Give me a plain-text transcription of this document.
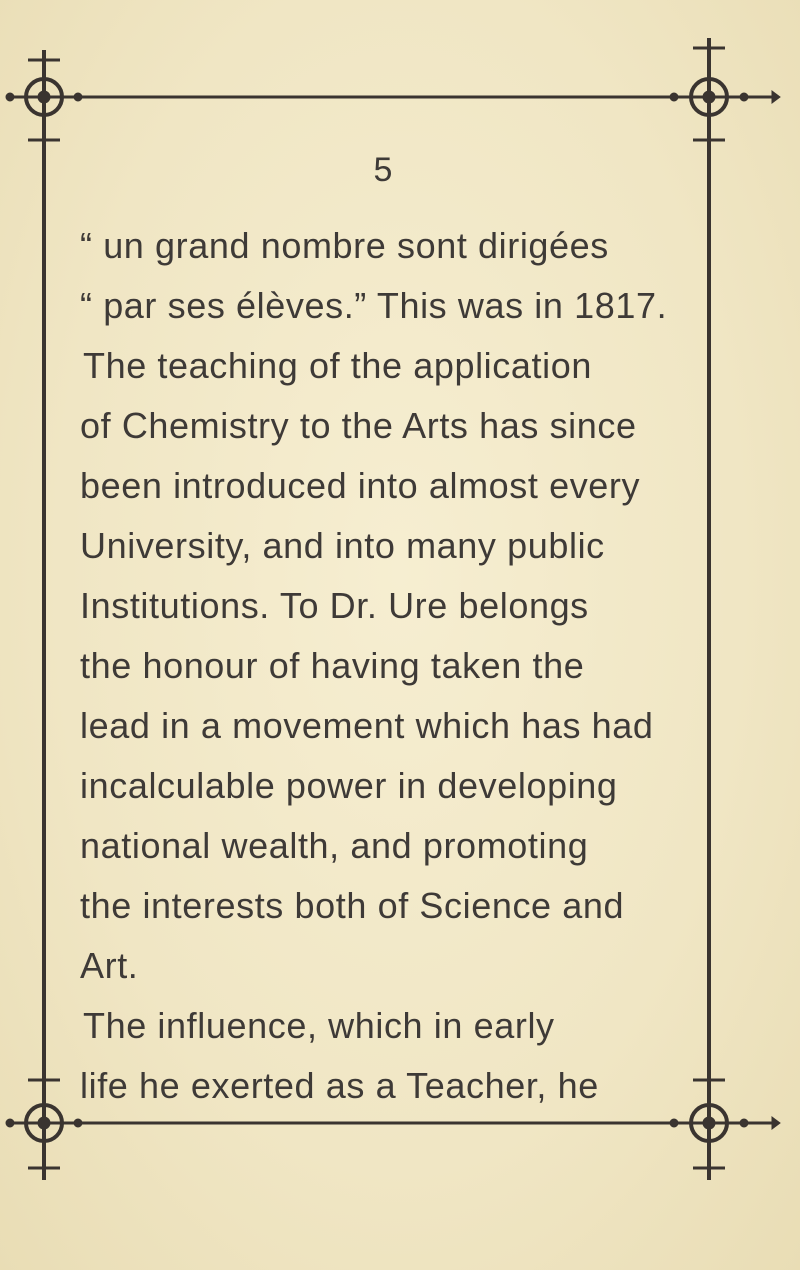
5
“ un grand nombre sont dirigées
“ par ses élèves.” This was in 1817.
The teaching of the application
of Chemistry to the Arts has since
been introduced into almost every
University, and into many public
Institutions. To Dr. Ure belongs
the honour of having taken the
lead in a movement which has had
incalculable power in developing
national wealth, and promoting
the interests both of Science and
Art.
The influence, which in early
life he exerted as a Teacher, he
